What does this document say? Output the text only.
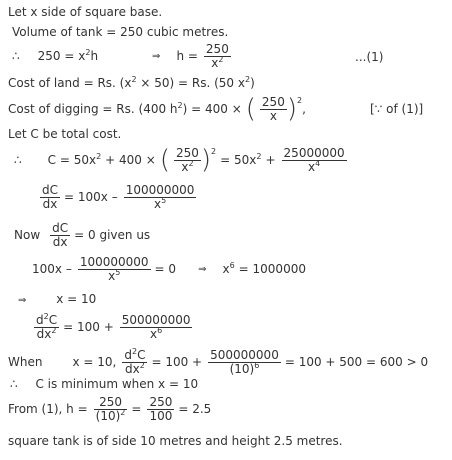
Let x side of square base.
Volume of tank = 250 cubic metres.
∴ $250 = x^2h$	⇒ $h = \frac{250}{x^2}$	...(1)
Cost of land = Rs. $(x^2 \times 50) = Rs$. (50 $x^2$)
Cost of digging = Rs. (400 $h^2) = 400$ × ( 250
x )$^2$
,	[∵ of (1)]
Let C be total cost.
∴ $C = 50x^2 + 400$ × ( 250
$x^2$ )$^2$
= $50x^2 + \frac{25000000}{x^4}$
$\frac{dC}{dx} = 100x$ –
100000000
$x^5$
Now $\frac{dC}{dx} = 0$ given us
$100x - \frac{100000000}{x^5} = 0$ ⇒ $x^6 = 1000000$
⇒ x = 10
$\frac{d^2C}{dx^2} = 100 + \frac{500000000}{x^6}$
When	x = 10, $\frac{d^2C}{dx^2} = 100 + \frac{500000000}{(10)^6} = 100 + 500 = 600 > 0$
∴ C is minimum when x = 10
From (1), $h = \frac{250}{(10)^2} = \frac{250}{100} = 2.5$
square tank is of side 10 metres and height 2.5 metres.
